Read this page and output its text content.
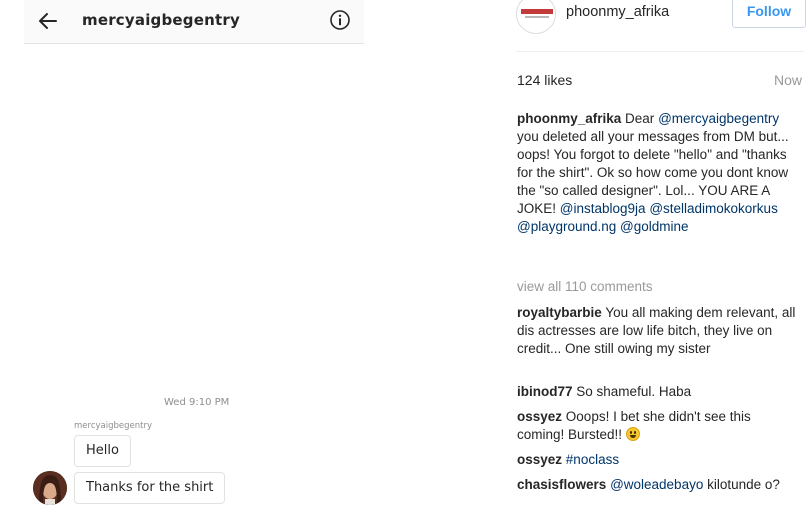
mercyaigbegentry
Wed 9:10 PM
mercyaigbegentry
Hello
Thanks for the shirt
phoonmy_afrika	Follow
124 likes	Now
phoonmy_afrika Dear @mercyaigbegentry you deleted all your messages from DM but... oops! You forgot to delete "hello" and "thanks for the shirt". Ok so how come you dont know the "so called designer". Lol... YOU ARE A JOKE! @instablog9ja @stelladimokokorkus @playground.ng @goldmine
view all 110 comments
royaltybarbie You all making dem relevant, all dis actresses are low life bitch, they live on credit... One still owing my sister
ibinod77 So shameful. Haba
ossyez Ooops! I bet she didn't see this coming! Bursted!!
ossyez #noclass
chasisflowers @woleadebayo kilotunde o?
